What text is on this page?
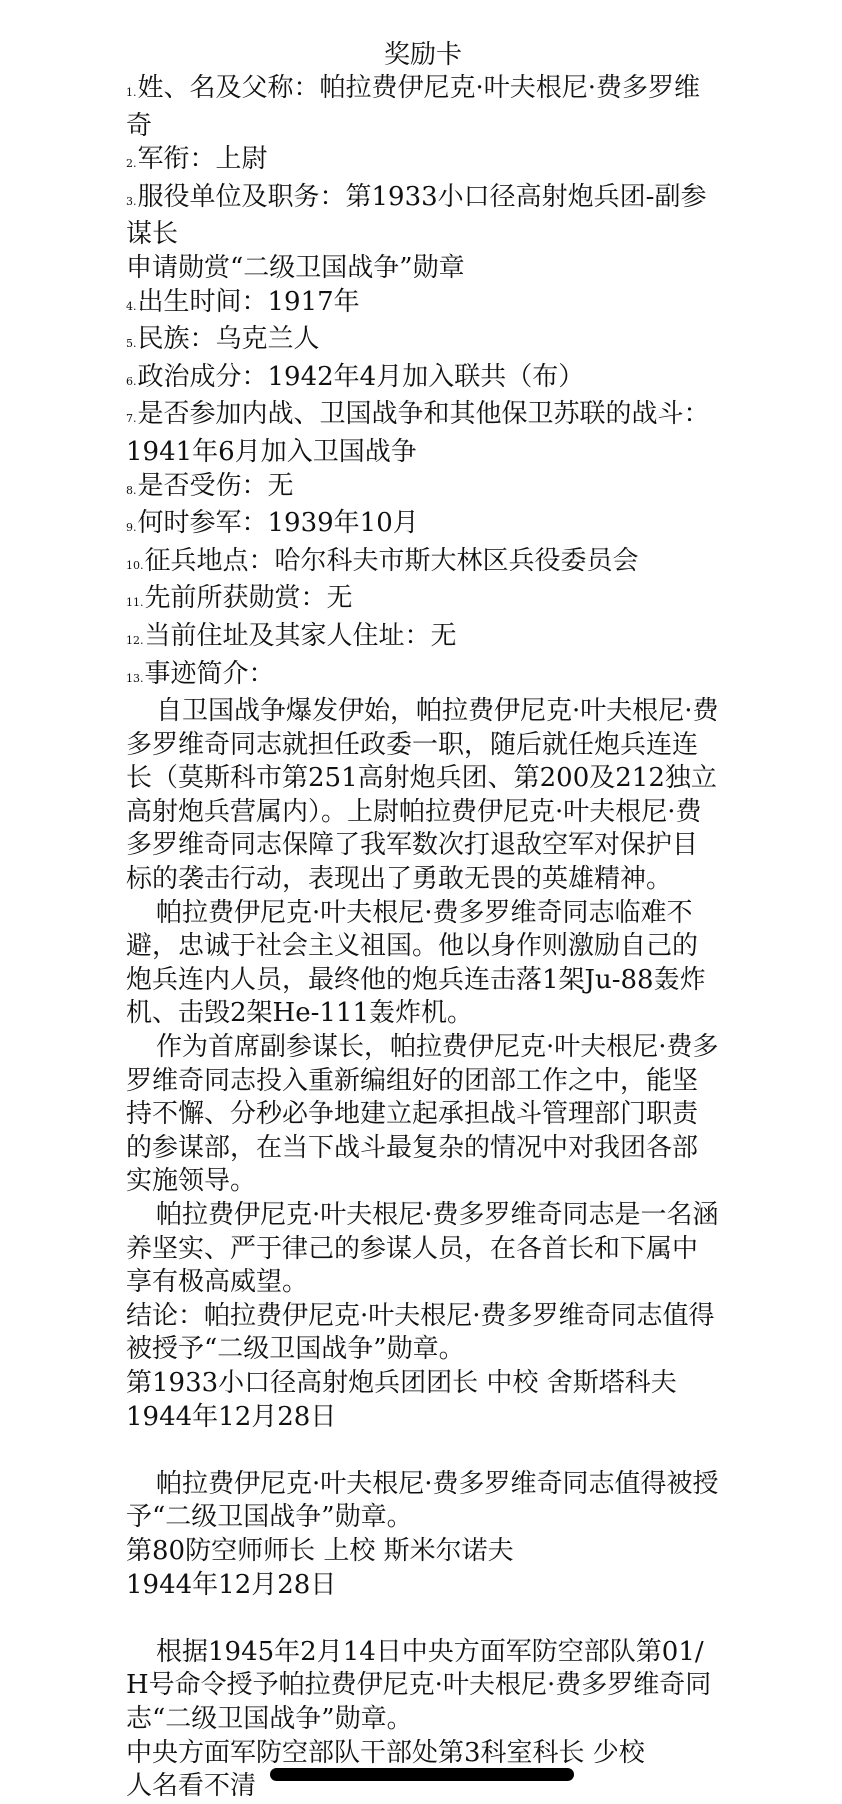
奖励卡
1.姓、名及父称：帕拉费伊尼克·叶夫根尼·费多罗维奇
2.军衔：上尉
3.服役单位及职务：第1933小口径高射炮兵团-副参谋长
申请勋赏“二级卫国战争”勋章
4.出生时间：1917年
5.民族：乌克兰人
6.政治成分：1942年4月加入联共（布）
7.是否参加内战、卫国战争和其他保卫苏联的战斗：1941年6月加入卫国战争
8.是否受伤：无
9.何时参军：1939年10月
10.征兵地点：哈尔科夫市斯大林区兵役委员会
11.先前所获勋赏：无
12.当前住址及其家人住址：无
13.事迹简介：
自卫国战争爆发伊始，帕拉费伊尼克·叶夫根尼·费多罗维奇同志就担任政委一职，随后就任炮兵连连长（莫斯科市第251高射炮兵团、第200及212独立高射炮兵营属内）。上尉帕拉费伊尼克·叶夫根尼·费多罗维奇同志保障了我军数次打退敌空军对保护目标的袭击行动，表现出了勇敢无畏的英雄精神。
帕拉费伊尼克·叶夫根尼·费多罗维奇同志临难不避，忠诚于社会主义祖国。他以身作则激励自己的炮兵连内人员，最终他的炮兵连击落1架Ju-88轰炸机、击毁2架He-111轰炸机。
作为首席副参谋长，帕拉费伊尼克·叶夫根尼·费多罗维奇同志投入重新编组好的团部工作之中，能坚持不懈、分秒必争地建立起承担战斗管理部门职责的参谋部，在当下战斗最复杂的情况中对我团各部实施领导。
帕拉费伊尼克·叶夫根尼·费多罗维奇同志是一名涵养坚实、严于律己的参谋人员，在各首长和下属中享有极高威望。
结论：帕拉费伊尼克·叶夫根尼·费多罗维奇同志值得被授予“二级卫国战争”勋章。
第1933小口径高射炮兵团团长 中校 舍斯塔科夫
1944年12月28日
帕拉费伊尼克·叶夫根尼·费多罗维奇同志值得被授予“二级卫国战争”勋章。
第80防空师师长 上校 斯米尔诺夫
1944年12月28日
根据1945年2月14日中央方面军防空部队第01/H号命令授予帕拉费伊尼克·叶夫根尼·费多罗维奇同志“二级卫国战争”勋章。
中央方面军防空部队干部处第3科室科长 少校
人名看不清
